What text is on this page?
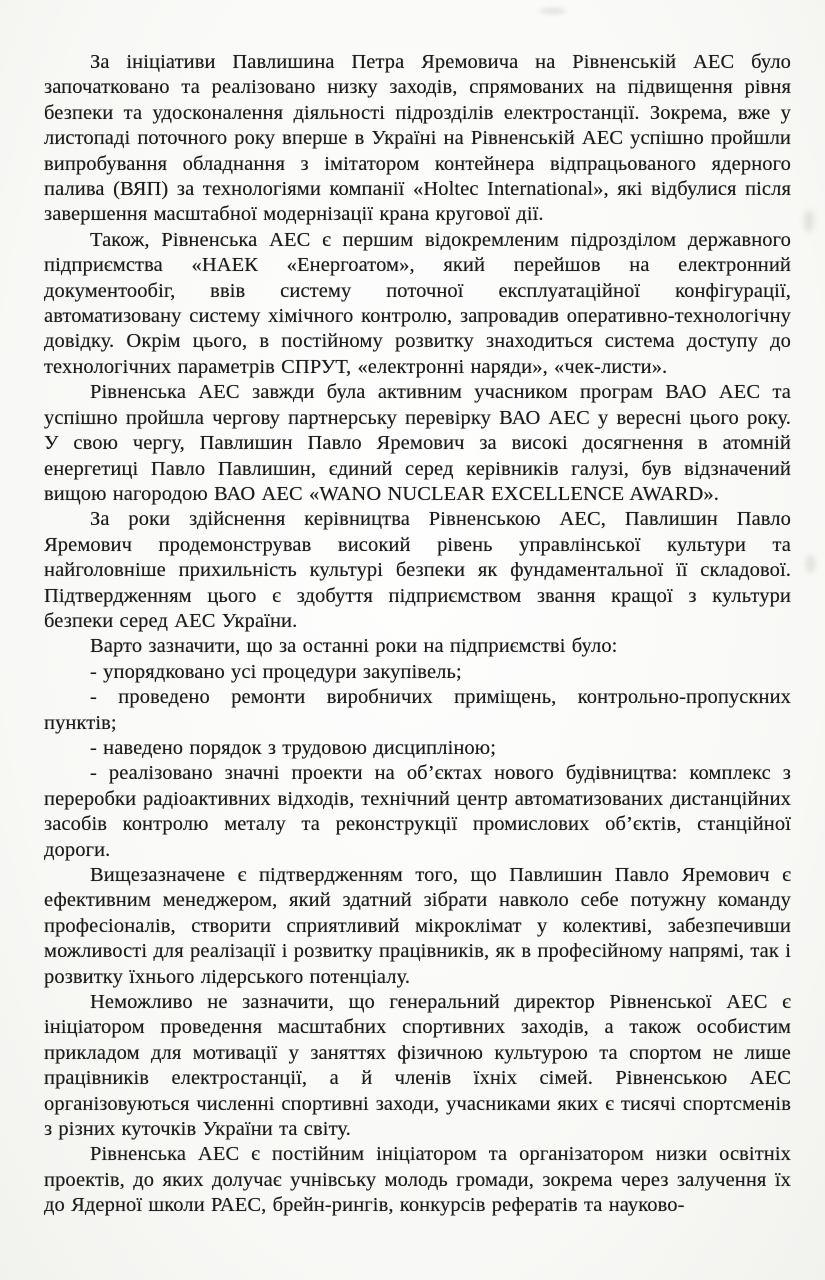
За ініціативи Павлишина Петра Яремовича на Рівненській АЕС було започатковано та реалізовано низку заходів, спрямованих на підвищення рівня безпеки та удосконалення діяльності підрозділів електростанції. Зокрема, вже у листопаді поточного року вперше в Україні на Рівненській АЕС успішно пройшли випробування обладнання з імітатором контейнера відпрацьованого ядерного палива (ВЯП) за технологіями компанії «Holtec International», які відбулися після завершення масштабної модернізації крана кругової дії.

Також, Рівненська АЕС є першим відокремленим підрозділом державного підприємства «НАЕК «Енергоатом», який перейшов на електронний документообіг, ввів систему поточної експлуатаційної конфігурації, автоматизовану систему хімічного контролю, запровадив оперативно-технологічну довідку. Окрім цього, в постійному розвитку знаходиться система доступу до технологічних параметрів СПРУТ, «електронні наряди», «чек-листи».

Рівненська АЕС завжди була активним учасником програм ВАО АЕС та успішно пройшла чергову партнерську перевірку ВАО АЕС у вересні цього року. У свою чергу, Павлишин Павло Яремович за високі досягнення в атомній енергетиці Павло Павлишин, єдиний серед керівників галузі, був відзначений вищою нагородою ВАО АЕС «WANO NUCLEAR EXCELLENCE AWARD».

За роки здійснення керівництва Рівненською АЕС, Павлишин Павло Яремович продемонстрував високий рівень управлінської культури та найголовніше прихильність культурі безпеки як фундаментальної її складової. Підтвердженням цього є здобуття підприємством звання кращої з культури безпеки серед АЕС України.

Варто зазначити, що за останні роки на підприємстві було:

- упорядковано усі процедури закупівель;

- проведено ремонти виробничих приміщень, контрольно-пропускних пунктів;

- наведено порядок з трудовою дисципліною;

- реалізовано значні проекти на об’єктах нового будівництва: комплекс з переробки радіоактивних відходів, технічний центр автоматизованих дистанційних засобів контролю металу та реконструкції промислових об’єктів, станційної дороги.

Вищезазначене є підтвердженням того, що Павлишин Павло Яремович є ефективним менеджером, який здатний зібрати навколо себе потужну команду професіоналів, створити сприятливий мікроклімат у колективі, забезпечивши можливості для реалізації і розвитку працівників, як в професійному напрямі, так і розвитку їхнього лідерського потенціалу.

Неможливо не зазначити, що генеральний директор Рівненської АЕС є ініціатором проведення масштабних спортивних заходів, а також особистим прикладом для мотивації у заняттях фізичною культурою та спортом не лише працівників електростанції, а й членів їхніх сімей. Рівненською АЕС організовуються численні спортивні заходи, учасниками яких є тисячі спортсменів з різних куточків України та світу.

Рівненська АЕС є постійним ініціатором та організатором низки освітніх проектів, до яких долучає учнівську молодь громади, зокрема через залучення їх до Ядерної школи РАЕС, брейн-рингів, конкурсів рефератів та науково-
